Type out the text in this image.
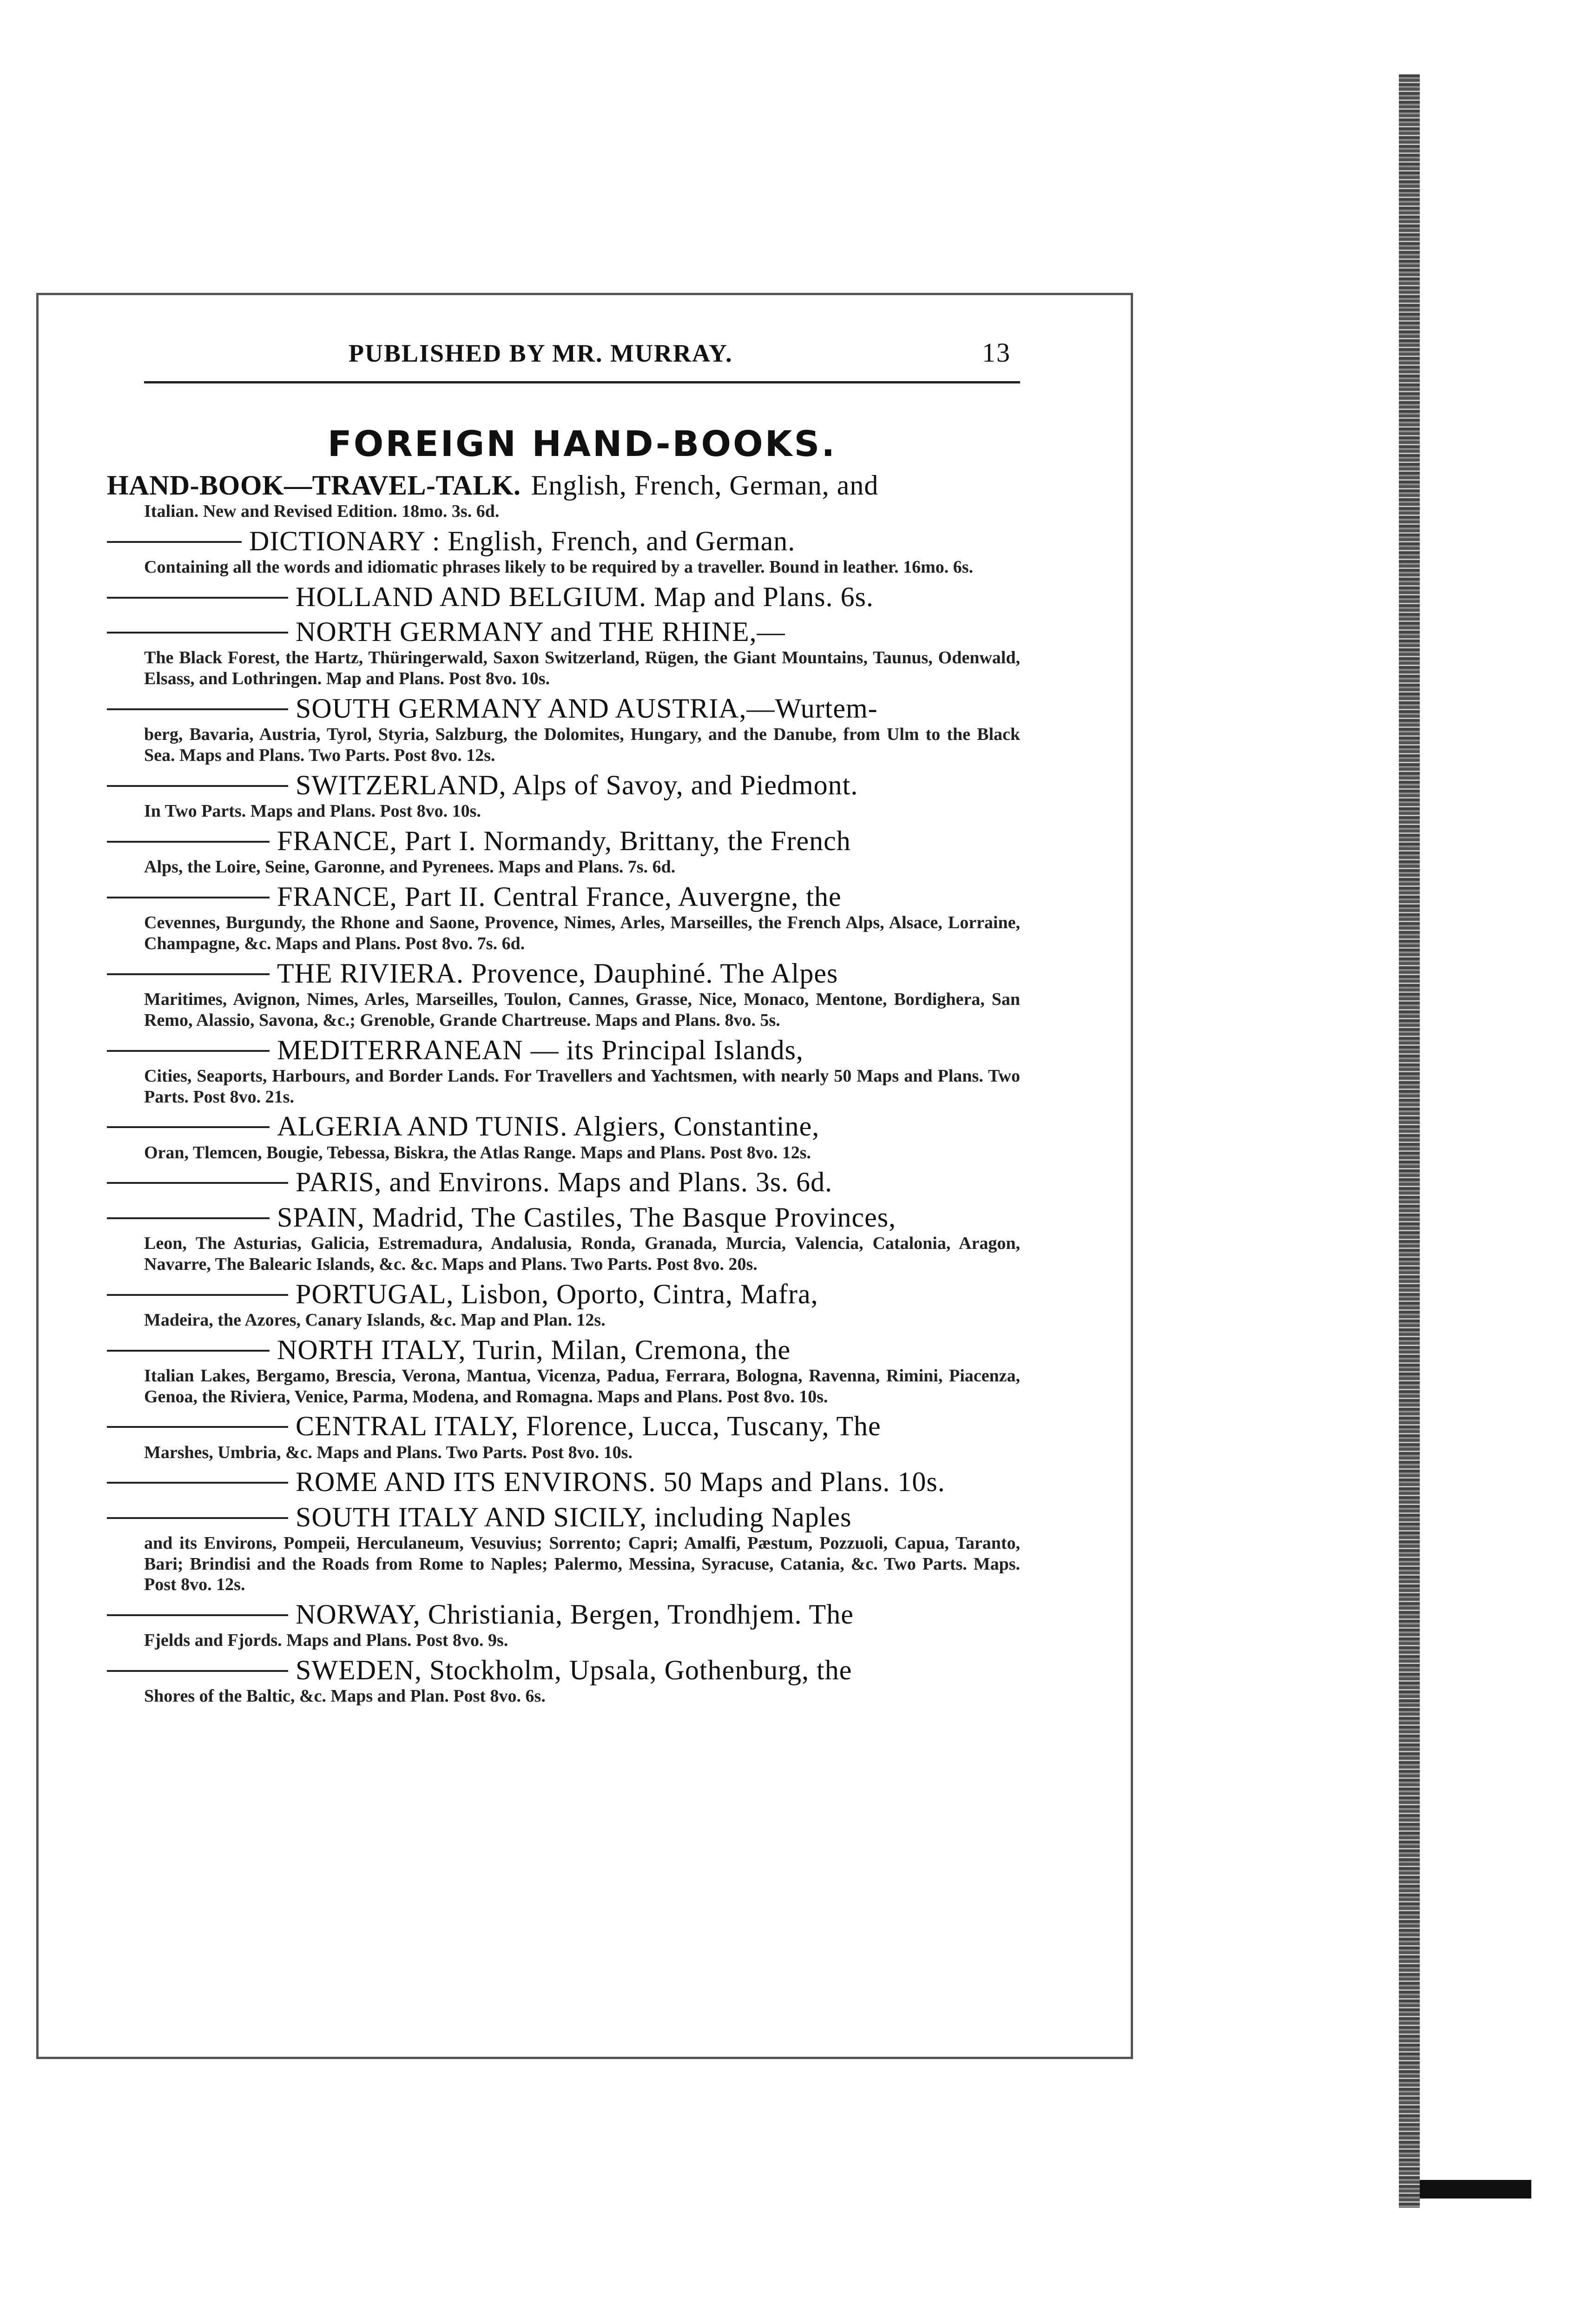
PUBLISHED BY MR. MURRAY.	13
FOREIGN HAND-BOOKS.
HAND-BOOK—TRAVEL-TALK. English, French, German, and
Italian. New and Revised Edition. 18mo. 3s. 6d.
DICTIONARY : English, French, and German.
Containing all the words and idiomatic phrases likely to be required by a traveller. Bound in leather. 16mo. 6s.
HOLLAND AND BELGIUM. Map and Plans. 6s.
NORTH GERMANY and THE RHINE,—
The Black Forest, the Hartz, Thüringerwald, Saxon Switzerland, Rügen, the Giant Mountains, Taunus, Odenwald, Elsass, and Lothringen. Map and Plans. Post 8vo. 10s.
SOUTH GERMANY AND AUSTRIA,—Wurtem-
berg, Bavaria, Austria, Tyrol, Styria, Salzburg, the Dolomites, Hungary, and the Danube, from Ulm to the Black Sea. Maps and Plans. Two Parts. Post 8vo. 12s.
SWITZERLAND, Alps of Savoy, and Piedmont.
In Two Parts. Maps and Plans. Post 8vo. 10s.
FRANCE, Part I. Normandy, Brittany, the French
Alps, the Loire, Seine, Garonne, and Pyrenees. Maps and Plans. 7s. 6d.
FRANCE, Part II. Central France, Auvergne, the
Cevennes, Burgundy, the Rhone and Saone, Provence, Nimes, Arles, Marseilles, the French Alps, Alsace, Lorraine, Champagne, &c. Maps and Plans. Post 8vo. 7s. 6d.
THE RIVIERA. Provence, Dauphiné. The Alpes
Maritimes, Avignon, Nimes, Arles, Marseilles, Toulon, Cannes, Grasse, Nice, Monaco, Mentone, Bordighera, San Remo, Alassio, Savona, &c.; Grenoble, Grande Chartreuse. Maps and Plans. 8vo. 5s.
MEDITERRANEAN — its Principal Islands,
Cities, Seaports, Harbours, and Border Lands. For Travellers and Yachtsmen, with nearly 50 Maps and Plans. Two Parts. Post 8vo. 21s.
ALGERIA AND TUNIS. Algiers, Constantine,
Oran, Tlemcen, Bougie, Tebessa, Biskra, the Atlas Range. Maps and Plans. Post 8vo. 12s.
PARIS, and Environs. Maps and Plans. 3s. 6d.
SPAIN, Madrid, The Castiles, The Basque Provinces,
Leon, The Asturias, Galicia, Estremadura, Andalusia, Ronda, Granada, Murcia, Valencia, Catalonia, Aragon, Navarre, The Balearic Islands, &c. &c. Maps and Plans. Two Parts. Post 8vo. 20s.
PORTUGAL, Lisbon, Oporto, Cintra, Mafra,
Madeira, the Azores, Canary Islands, &c. Map and Plan. 12s.
NORTH ITALY, Turin, Milan, Cremona, the
Italian Lakes, Bergamo, Brescia, Verona, Mantua, Vicenza, Padua, Ferrara, Bologna, Ravenna, Rimini, Piacenza, Genoa, the Riviera, Venice, Parma, Modena, and Romagna. Maps and Plans. Post 8vo. 10s.
CENTRAL ITALY, Florence, Lucca, Tuscany, The
Marshes, Umbria, &c. Maps and Plans. Two Parts. Post 8vo. 10s.
ROME AND ITS ENVIRONS. 50 Maps and Plans. 10s.
SOUTH ITALY AND SICILY, including Naples
and its Environs, Pompeii, Herculaneum, Vesuvius; Sorrento; Capri; Amalfi, Pæstum, Pozzuoli, Capua, Taranto, Bari; Brindisi and the Roads from Rome to Naples; Palermo, Messina, Syracuse, Catania, &c. Two Parts. Maps. Post 8vo. 12s.
NORWAY, Christiania, Bergen, Trondhjem. The
Fjelds and Fjords. Maps and Plans. Post 8vo. 9s.
SWEDEN, Stockholm, Upsala, Gothenburg, the
Shores of the Baltic, &c. Maps and Plan. Post 8vo. 6s.
